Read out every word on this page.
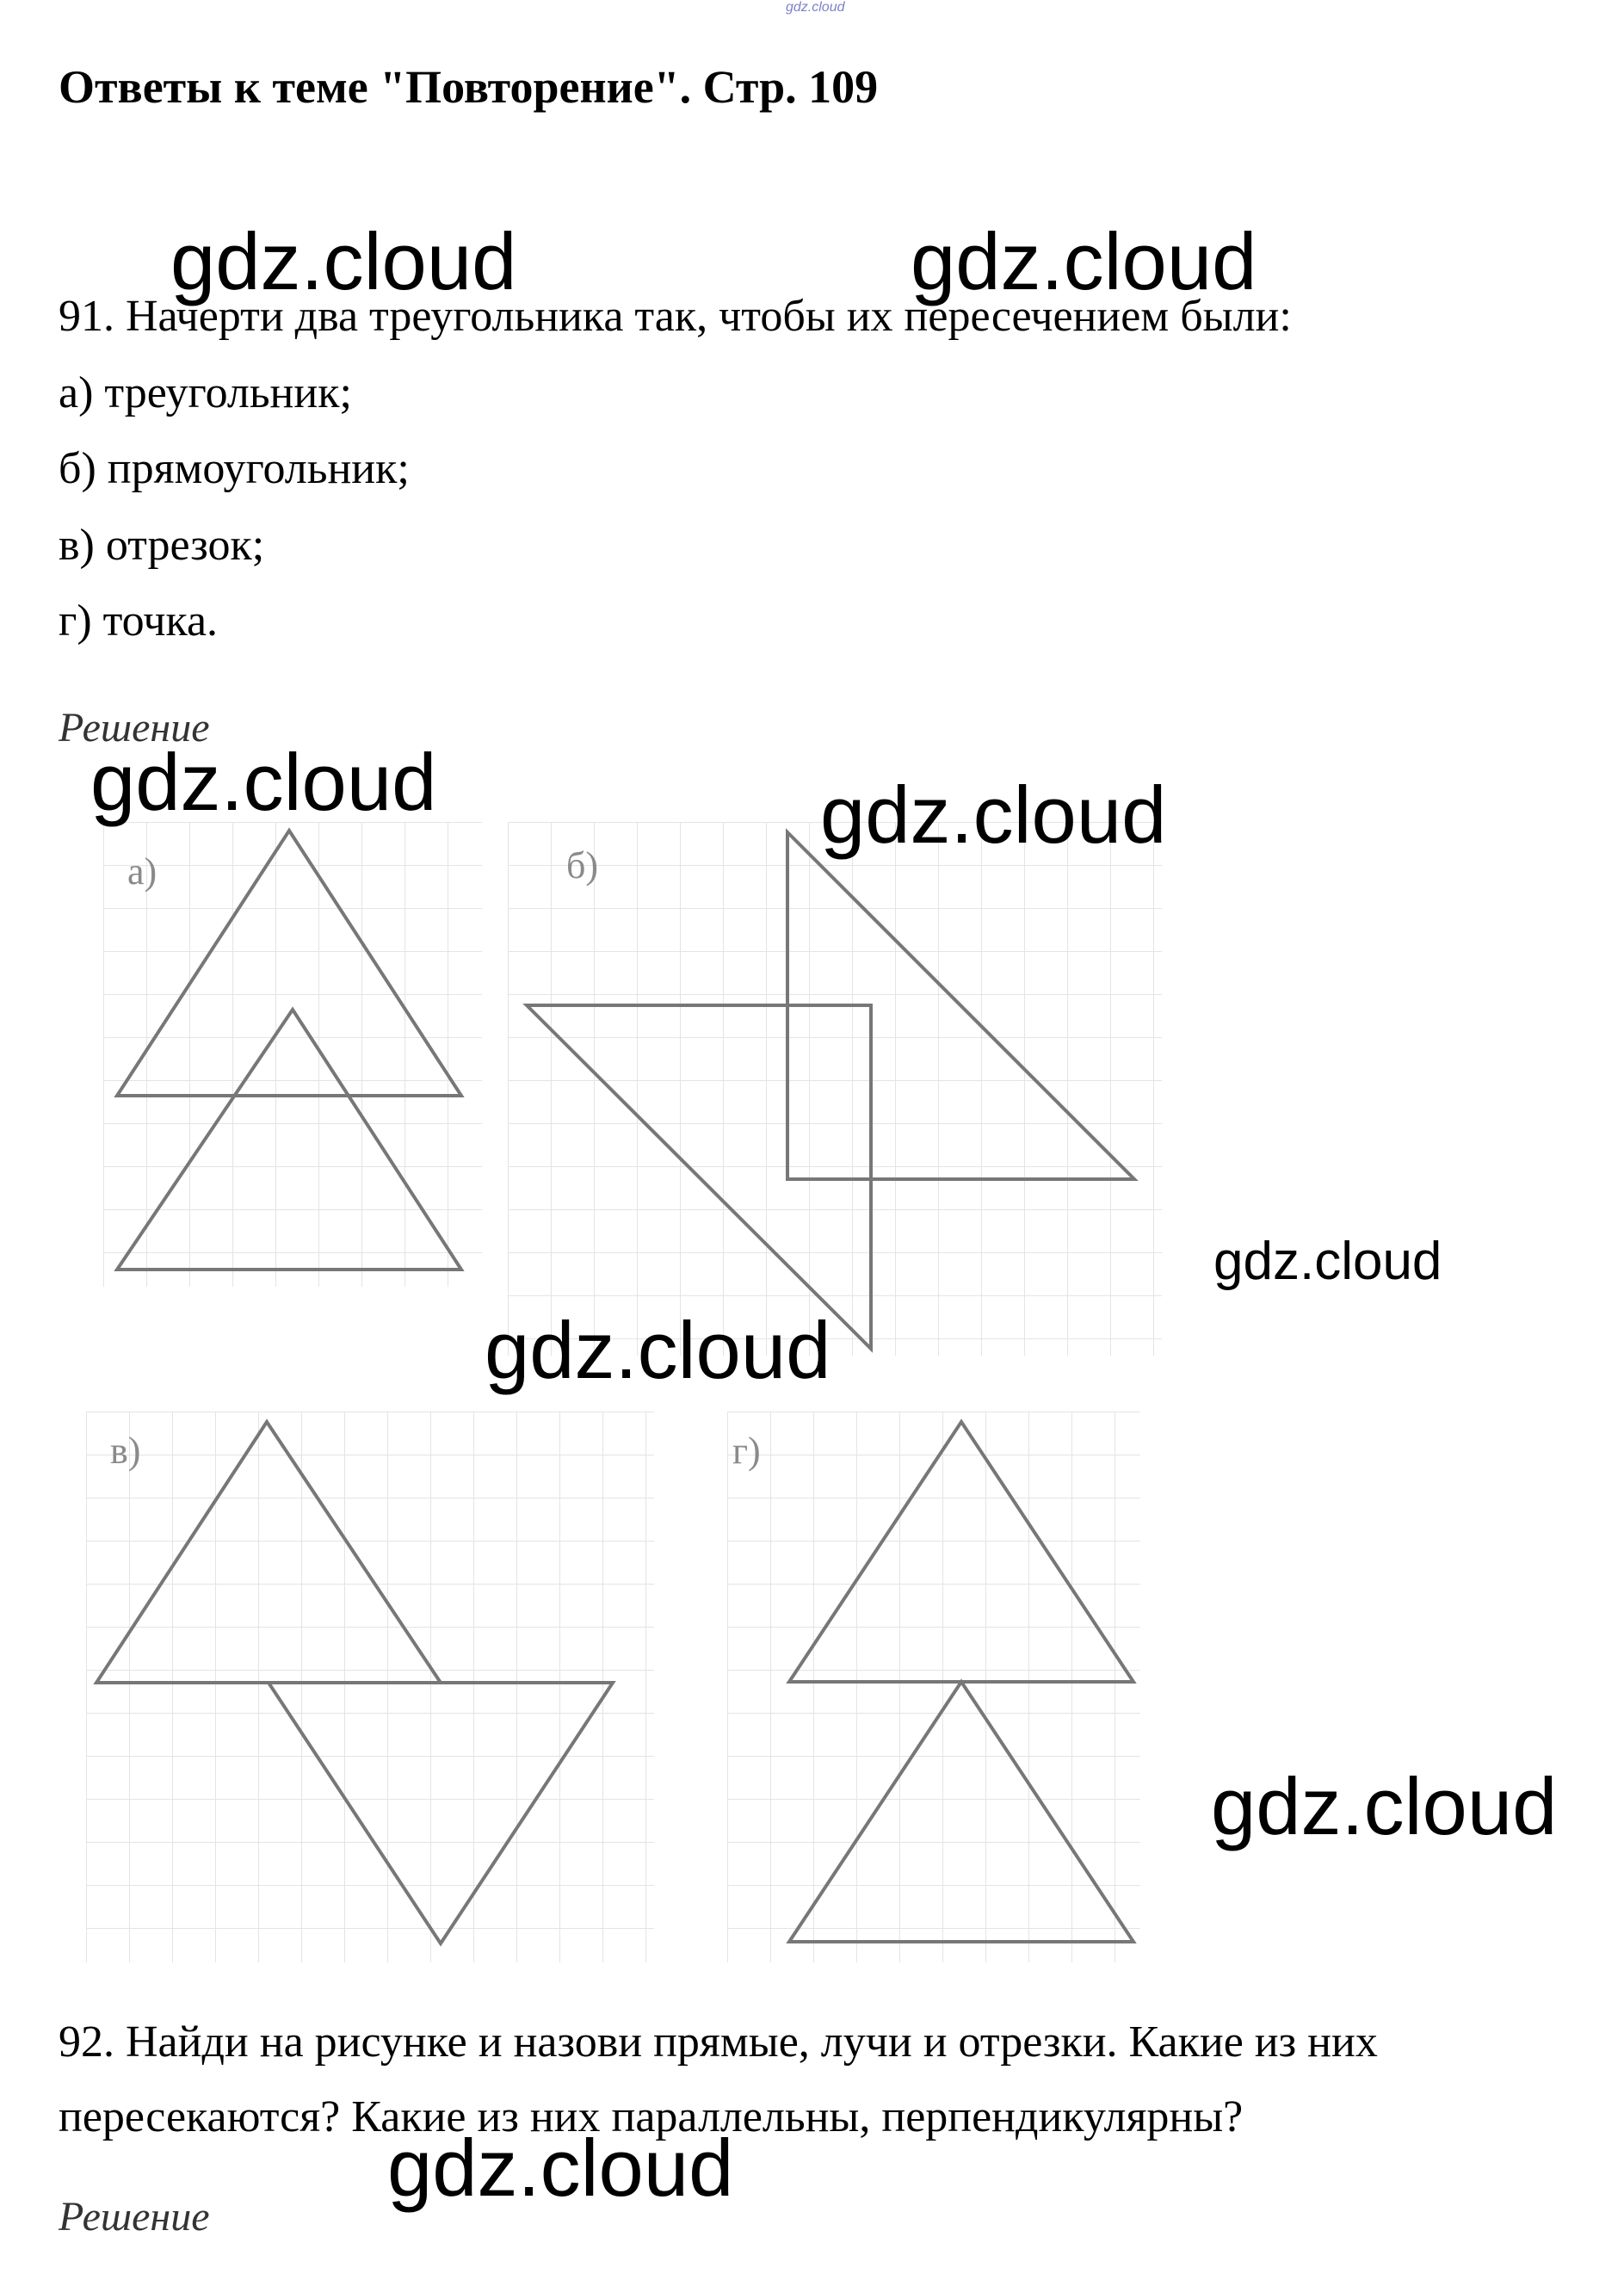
gdz.cloud
Ответы к теме "Повторение". Стр. 109
91. Начерти два треугольника так, чтобы их пересечением были:
а) треугольник;
б) прямоугольник;
в) отрезок;
г) точка.
Решение
а)	б)
в)	г)
92. Найди на рисунке и назови прямые, лучи и отрезки. Какие из них
пересекаются? Какие из них параллельны, перпендикулярны?
Решение
gdz.cloud	gdz.cloud
gdz.cloud	gdz.cloud
gdz.cloud
gdz.cloud
gdz.cloud
gdz.cloud
